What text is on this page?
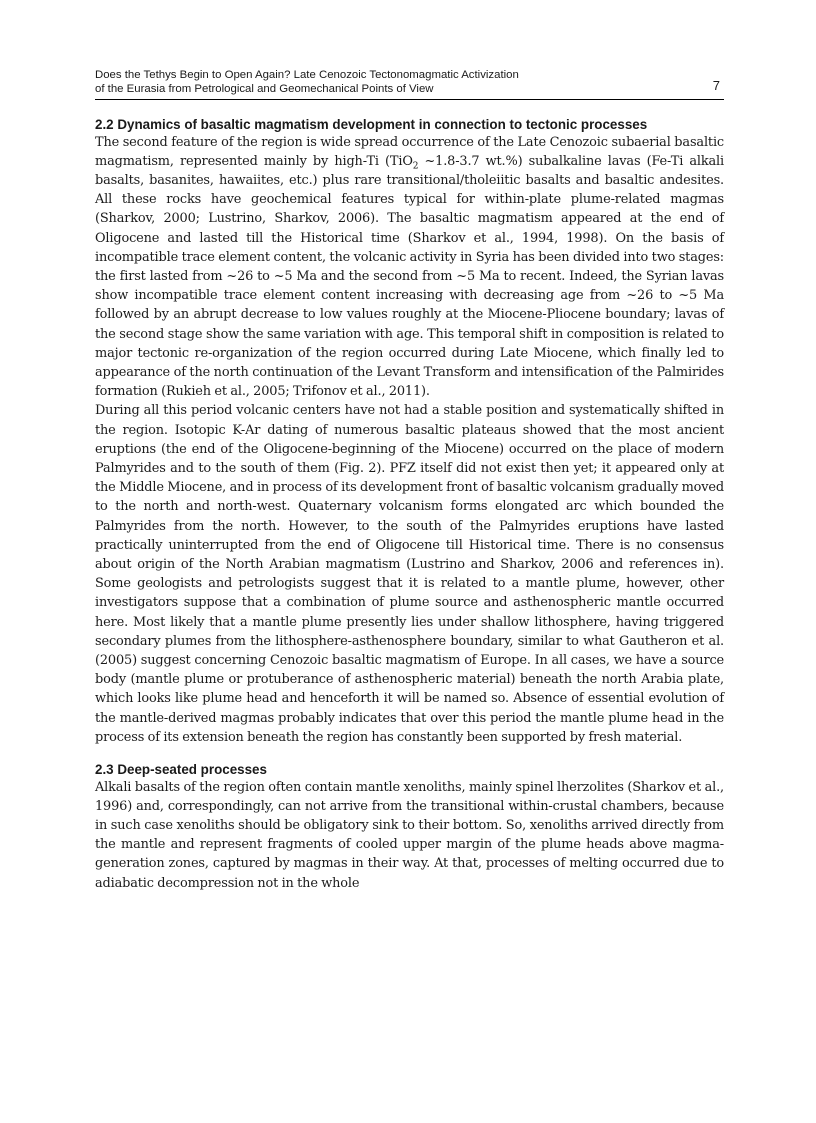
Does the Tethys Begin to Open Again? Late Cenozoic Tectonomagmatic Activization
of the Eurasia from Petrological and Geomechanical Points of View	7
2.2 Dynamics of basaltic magmatism development in connection to tectonic processes

The second feature of the region is wide spread occurrence of the Late Cenozoic subaerial basaltic magmatism, represented mainly by high-Ti (TiO$_2$ ~1.8-3.7 wt.%) subalkaline lavas (Fe-Ti alkali basalts, basanites, hawaiites, etc.) plus rare transitional/tholeiitic basalts and basaltic andesites. All these rocks have geochemical features typical for within-plate plume-related magmas (Sharkov, 2000; Lustrino, Sharkov, 2006). The basaltic magmatism appeared at the end of Oligocene and lasted till the Historical time (Sharkov et al., 1994, 1998). On the basis of incompatible trace element content, the volcanic activity in Syria has been divided into two stages: the first lasted from ~26 to ~5 Ma and the second from ~5 Ma to recent. Indeed, the Syrian lavas show incompatible trace element content increasing with decreasing age from ~26 to ~5 Ma followed by an abrupt decrease to low values roughly at the Miocene-Pliocene boundary; lavas of the second stage show the same variation with age. This temporal shift in composition is related to major tectonic re-organization of the region occurred during Late Miocene, which finally led to appearance of the north continuation of the Levant Transform and intensification of the Palmirides formation (Rukieh et al., 2005; Trifonov et al., 2011).

During all this period volcanic centers have not had a stable position and systematically shifted in the region. Isotopic K-Ar dating of numerous basaltic plateaus showed that the most ancient eruptions (the end of the Oligocene-beginning of the Miocene) occurred on the place of modern Palmyrides and to the south of them (Fig. 2). PFZ itself did not exist then yet; it appeared only at the Middle Miocene, and in process of its development front of basaltic volcanism gradually moved to the north and north-west. Quaternary volcanism forms elongated arc which bounded the Palmyrides from the north. However, to the south of the Palmyrides eruptions have lasted practically uninterrupted from the end of Oligocene till Historical time. There is no consensus about origin of the North Arabian magmatism (Lustrino and Sharkov, 2006 and references in). Some geologists and petrologists suggest that it is related to a mantle plume, however, other investigators suppose that a combination of plume source and asthenospheric mantle occurred here. Most likely that a mantle plume presently lies under shallow lithosphere, having triggered secondary plumes from the lithosphere-asthenosphere boundary, similar to what Gautheron et al. (2005) suggest concerning Cenozoic basaltic magmatism of Europe. In all cases, we have a source body (mantle plume or protuberance of asthenospheric material) beneath the north Arabia plate, which looks like plume head and henceforth it will be named so. Absence of essential evolution of the mantle-derived magmas probably indicates that over this period the mantle plume head in the process of its extension beneath the region has constantly been supported by fresh material.

2.3 Deep-seated processes

Alkali basalts of the region often contain mantle xenoliths, mainly spinel lherzolites (Sharkov et al., 1996) and, correspondingly, can not arrive from the transitional within-crustal chambers, because in such case xenoliths should be obligatory sink to their bottom. So, xenoliths arrived directly from the mantle and represent fragments of cooled upper margin of the plume heads above magma-generation zones, captured by magmas in their way. At that, processes of melting occurred due to adiabatic decompression not in the whole
